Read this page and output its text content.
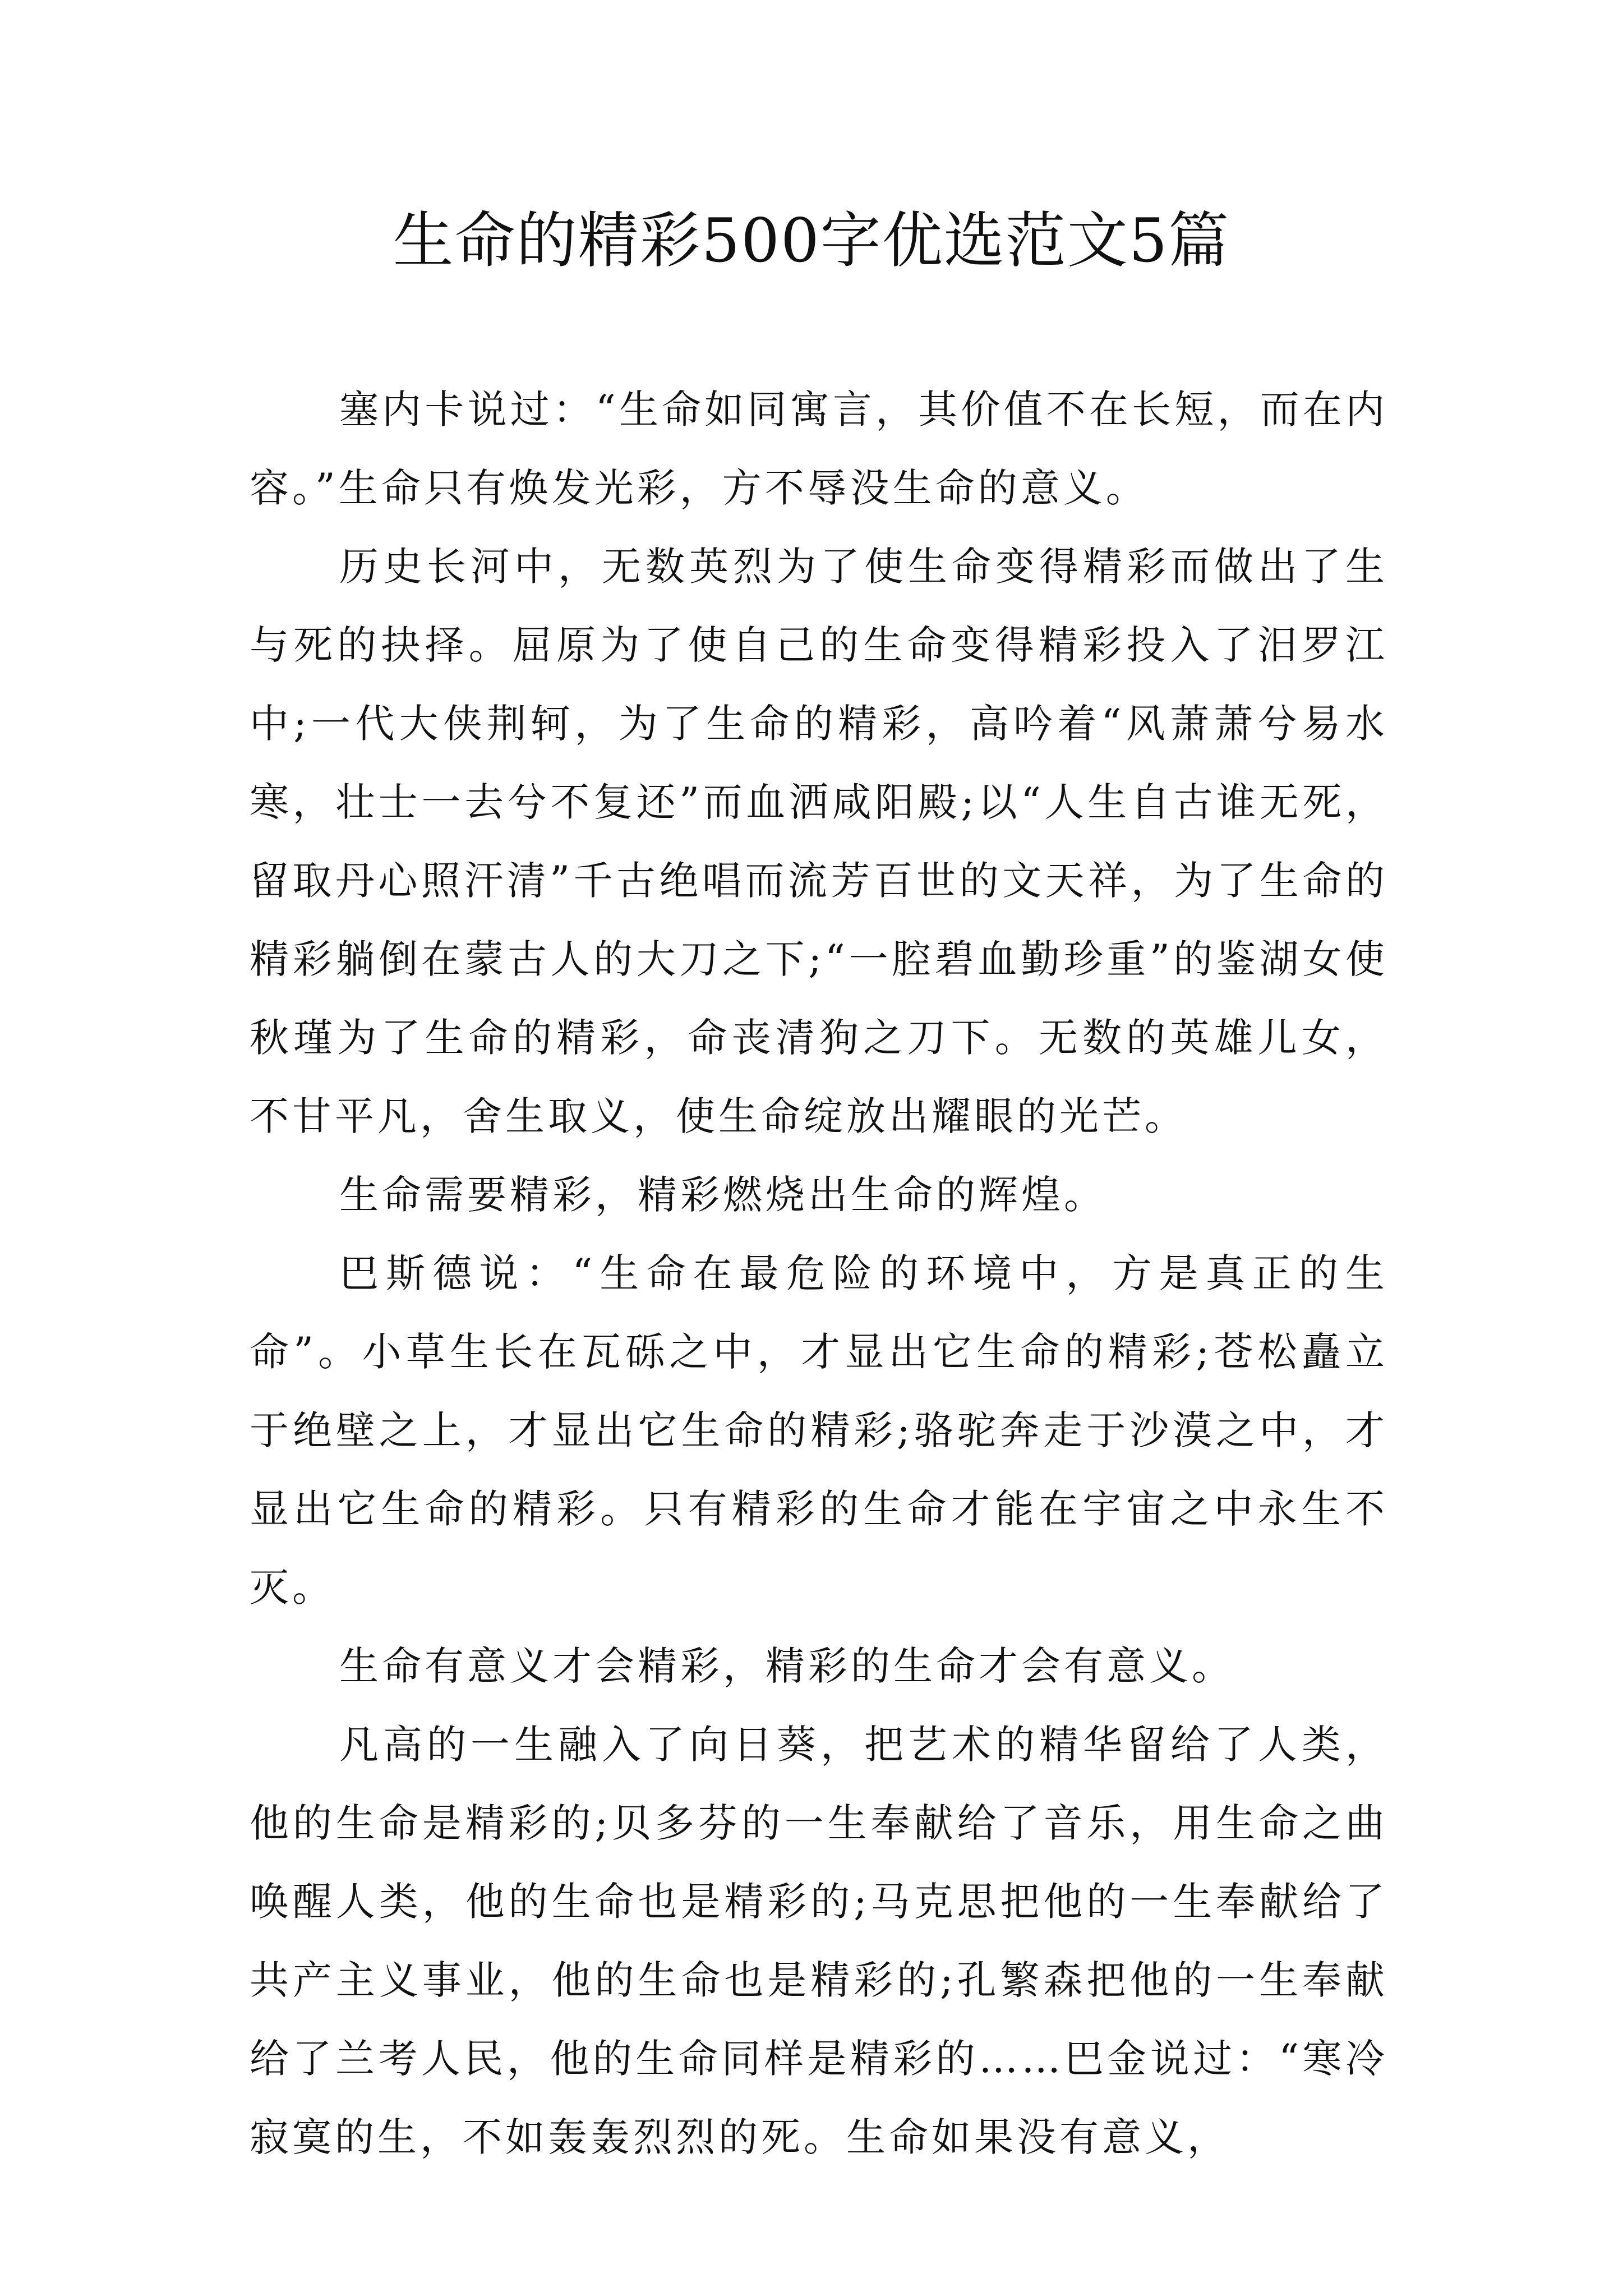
生命的精彩500字优选范文5篇

塞内卡说过：“生命如同寓言，其价值不在长短，而在内容。”生命只有焕发光彩，方不辱没生命的意义。

历史长河中，无数英烈为了使生命变得精彩而做出了生与死的抉择。屈原为了使自己的生命变得精彩投入了汨罗江中;一代大侠荆轲，为了生命的精彩，高吟着“风萧萧兮易水寒，壮士一去兮不复还”而血洒咸阳殿;以“人生自古谁无死，留取丹心照汗清”千古绝唱而流芳百世的文天祥，为了生命的精彩躺倒在蒙古人的大刀之下;“一腔碧血勤珍重”的鉴湖女使秋瑾为了生命的精彩，命丧清狗之刀下。无数的英雄儿女，不甘平凡，舍生取义，使生命绽放出耀眼的光芒。

生命需要精彩，精彩燃烧出生命的辉煌。

巴斯德说：“生命在最危险的环境中，方是真正的生命”。小草生长在瓦砾之中，才显出它生命的精彩;苍松矗立于绝壁之上，才显出它生命的精彩;骆驼奔走于沙漠之中，才显出它生命的精彩。只有精彩的生命才能在宇宙之中永生不灭。

生命有意义才会精彩，精彩的生命才会有意义。

凡高的一生融入了向日葵，把艺术的精华留给了人类，他的生命是精彩的;贝多芬的一生奉献给了音乐，用生命之曲唤醒人类，他的生命也是精彩的;马克思把他的一生奉献给了共产主义事业，他的生命也是精彩的;孔繁森把他的一生奉献给了兰考人民，他的生命同样是精彩的……巴金说过：“寒冷寂寞的生，不如轰轰烈烈的死。生命如果没有意义，
